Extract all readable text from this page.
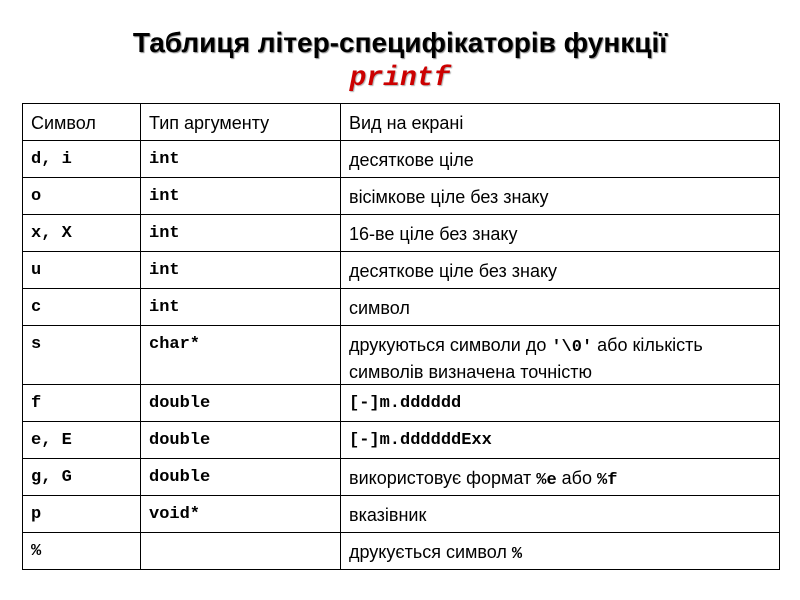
Таблиця літер-специфікаторів функції
printf
Символ	Тип аргументу	Вид на екрані

d, i	int	десяткове ціле

o	int	вісімкове ціле без знаку

x, X	int	16-ве ціле без знаку

u	int	десяткове ціле без знаку

c	int	символ

s	char*	друкуються символи до '\0' або кількість символів визначена точністю

f	double	[-]m.dddddd

e, E	double	[-]m.ddddddExx

g, G	double	використовує формат %e або %f

p	void*	вказівник

%		друкується символ %
